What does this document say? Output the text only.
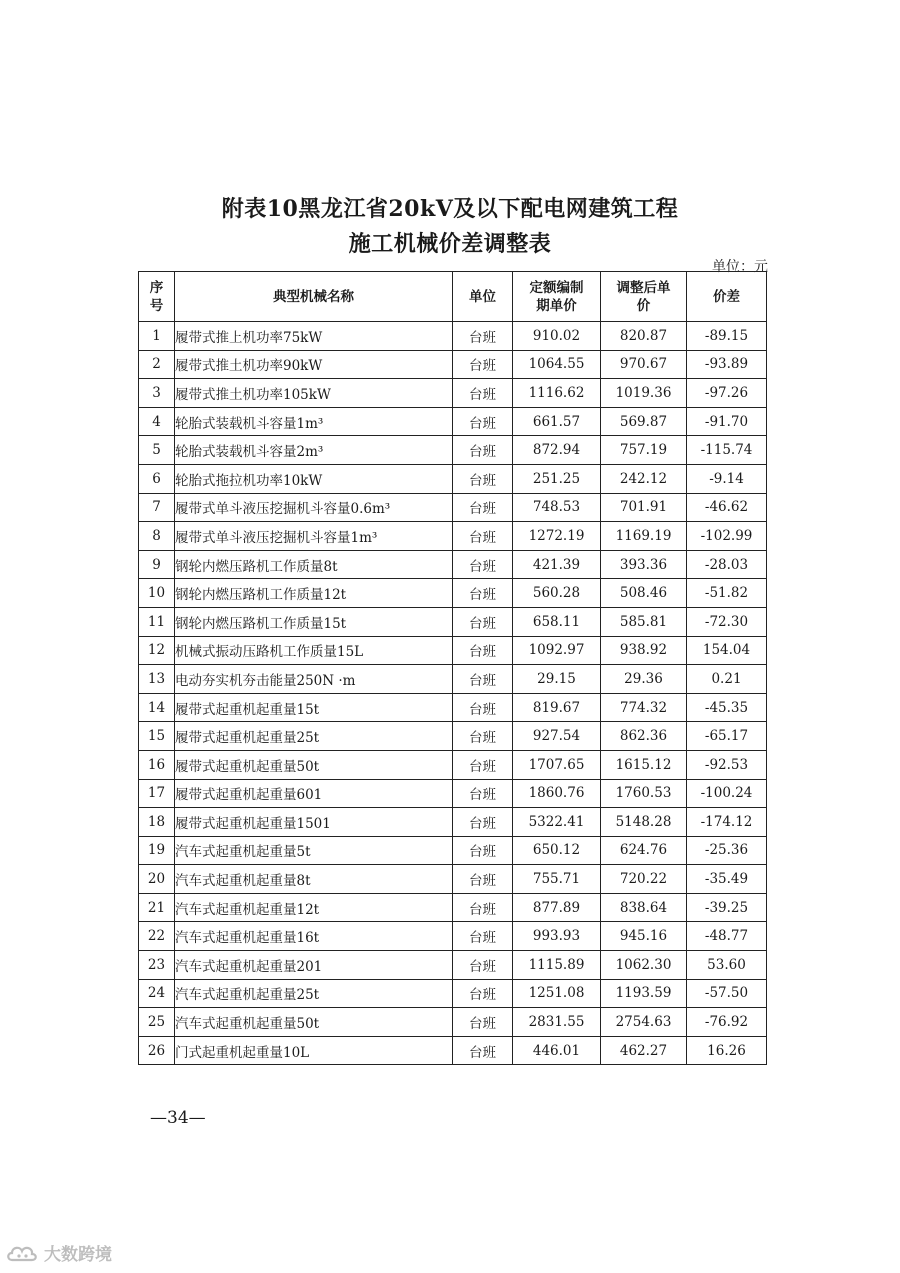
附表10黑龙江省20kV及以下配电网建筑工程
施工机械价差调整表
单位：元
序号	典型机械名称	单位	定额编制期单价	调整后单价	价差
1	履带式推上机功率75kW	台班	910.02	820.87	-89.15
2	履带式推土机功率90kW	台班	1064.55	970.67	-93.89
3	履带式推土机功率105kW	台班	1116.62	1019.36	-97.26
4	轮胎式装载机斗容量1m³	台班	661.57	569.87	-91.70
5	轮胎式装载机斗容量2m³	台班	872.94	757.19	-115.74
6	轮胎式拖拉机功率10kW	台班	251.25	242.12	-9.14
7	履带式单斗液压挖掘机斗容量0.6m³	台班	748.53	701.91	-46.62
8	履带式单斗液压挖掘机斗容量1m³	台班	1272.19	1169.19	-102.99
9	钢轮内燃压路机工作质量8t	台班	421.39	393.36	-28.03
10	钢轮内燃压路机工作质量12t	台班	560.28	508.46	-51.82
11	钢轮内燃压路机工作质量15t	台班	658.11	585.81	-72.30
12	机械式振动压路机工作质量15L	台班	1092.97	938.92	154.04
13	电动夯实机夯击能量250N ·m	台班	29.15	29.36	0.21
14	履带式起重机起重量15t	台班	819.67	774.32	-45.35
15	履带式起重机起重量25t	台班	927.54	862.36	-65.17
16	履带式起重机起重量50t	台班	1707.65	1615.12	-92.53
17	履带式起重机起重量601	台班	1860.76	1760.53	-100.24
18	履带式起重机起重量1501	台班	5322.41	5148.28	-174.12
19	汽车式起重机起重量5t	台班	650.12	624.76	-25.36
20	汽车式起重机起重量8t	台班	755.71	720.22	-35.49
21	汽车式起重机起重量12t	台班	877.89	838.64	-39.25
22	汽车式起重机起重量16t	台班	993.93	945.16	-48.77
23	汽车式起重机起重量201	台班	1115.89	1062.30	53.60
24	汽车式起重机起重量25t	台班	1251.08	1193.59	-57.50
25	汽车式起重机起重量50t	台班	2831.55	2754.63	-76.92
26	门式起重机起重量10L	台班	446.01	462.27	16.26
—34—
大数跨境
